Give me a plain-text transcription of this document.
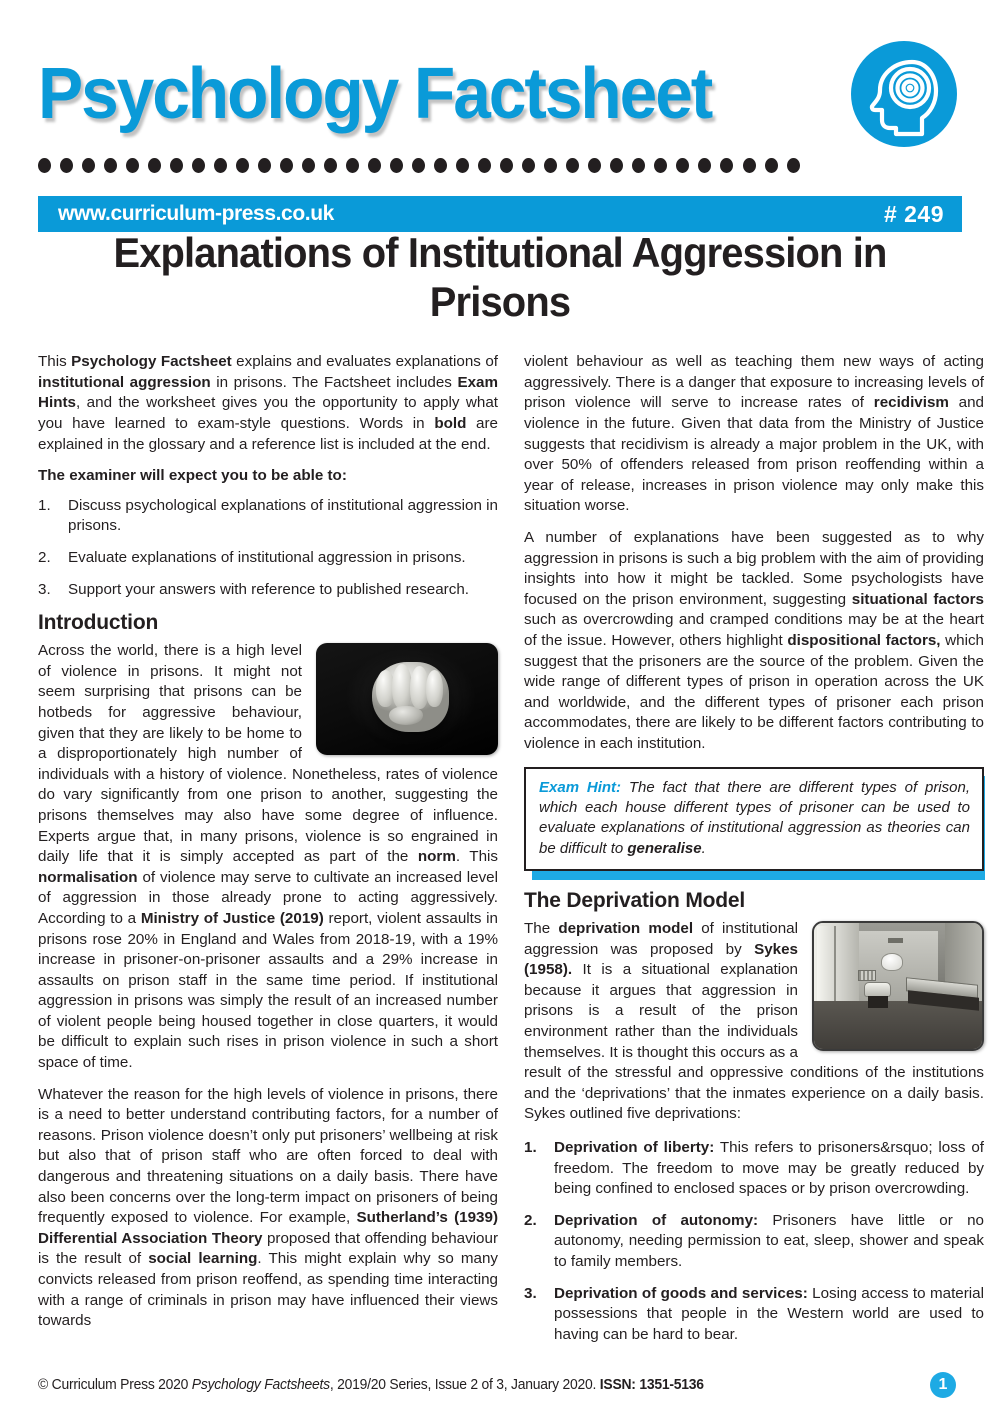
Psychology Factsheet
www.curriculum-press.co.uk	# 249
Explanations of Institutional Aggression in Prisons

This Psychology Factsheet explains and evaluates explanations of institutional aggression in prisons. The Factsheet includes Exam Hints, and the worksheet gives you the opportunity to apply what you have learned to exam-style questions. Words in bold are explained in the glossary and a reference list is included at the end.

The examiner will expect you to be able to:

Discuss psychological explanations of institutional aggression in prisons.
Evaluate explanations of institutional aggression in prisons.
Support your answers with reference to published research.
Introduction

Across the world, there is a high level of violence in prisons. It might not seem surprising that prisons can be hotbeds for aggressive behaviour, given that they are likely to be home to a disproportionately high number of individuals with a history of violence. Nonetheless, rates of violence do vary significantly from one prison to another, suggesting the prisons themselves may also have some degree of influence. Experts argue that, in many prisons, violence is so engrained in daily life that it is simply accepted as part of the norm. This normalisation of violence may serve to cultivate an increased level of aggression in those already prone to acting aggressively. According to a Ministry of Justice (2019) report, violent assaults in prisons rose 20% in England and Wales from 2018-19, with a 19% increase in prisoner-on-prisoner assaults and a 29% increase in assaults on prison staff in the same time period. If institutional aggression in prisons was simply the result of an increased number of violent people being housed together in close quarters, it would be difficult to explain such rises in prison violence in such a short space of time.

Whatever the reason for the high levels of violence in prisons, there is a need to better understand contributing factors, for a number of reasons. Prison violence doesn’t only put prisoners’ wellbeing at risk but also that of prison staff who are often forced to deal with dangerous and threatening situations on a daily basis. There have also been concerns over the long-term impact on prisoners of being frequently exposed to violence. For example, Sutherland’s (1939) Differential Association Theory proposed that offending behaviour is the result of social learning. This might explain why so many convicts released from prison reoffend, as spending time interacting with a range of criminals in prison may have influenced their views towards

violent behaviour as well as teaching them new ways of acting aggressively. There is a danger that exposure to increasing levels of prison violence will serve to increase rates of recidivism and violence in the future. Given that data from the Ministry of Justice suggests that recidivism is already a major problem in the UK, with over 50% of offenders released from prison reoffending within a year of release, increases in prison violence may only make this situation worse.

A number of explanations have been suggested as to why aggression in prisons is such a big problem with the aim of providing insights into how it might be tackled. Some psychologists have focused on the prison environment, suggesting situational factors such as overcrowding and cramped conditions may be at the heart of the issue. However, others highlight dispositional factors, which suggest that the prisoners are the source of the problem. Given the wide range of different types of prison in operation across the UK and worldwide, and the different types of prisoner each prison accommodates, there are likely to be different factors contributing to violence in each institution.

Exam Hint: The fact that there are different types of prison, which each house different types of prisoner can be used to evaluate explanations of institutional aggression as theories can be difficult to generalise.
The Deprivation Model

The deprivation model of institutional aggression was proposed by Sykes (1958). It is a situational explanation because it argues that aggression in prisons is a result of the prison environment rather than the individuals themselves. It is thought this occurs as a result of the stressful and oppressive conditions of the institutions and the ‘deprivations’ that the inmates experience on a daily basis. Sykes outlined five deprivations:

Deprivation of liberty: This refers to prisoners&rsquo; loss of freedom. The freedom to move may be greatly reduced by being confined to enclosed spaces or by prison overcrowding.
Deprivation of autonomy: Prisoners have little or no autonomy, needing permission to eat, sleep, shower and speak to family members.
Deprivation of goods and services: Losing access to material possessions that people in the Western world are used to having can be hard to bear.
© Curriculum Press 2020 Psychology Factsheets, 2019/20 Series, Issue 2 of 3, January 2020. ISSN: 1351-5136	1
